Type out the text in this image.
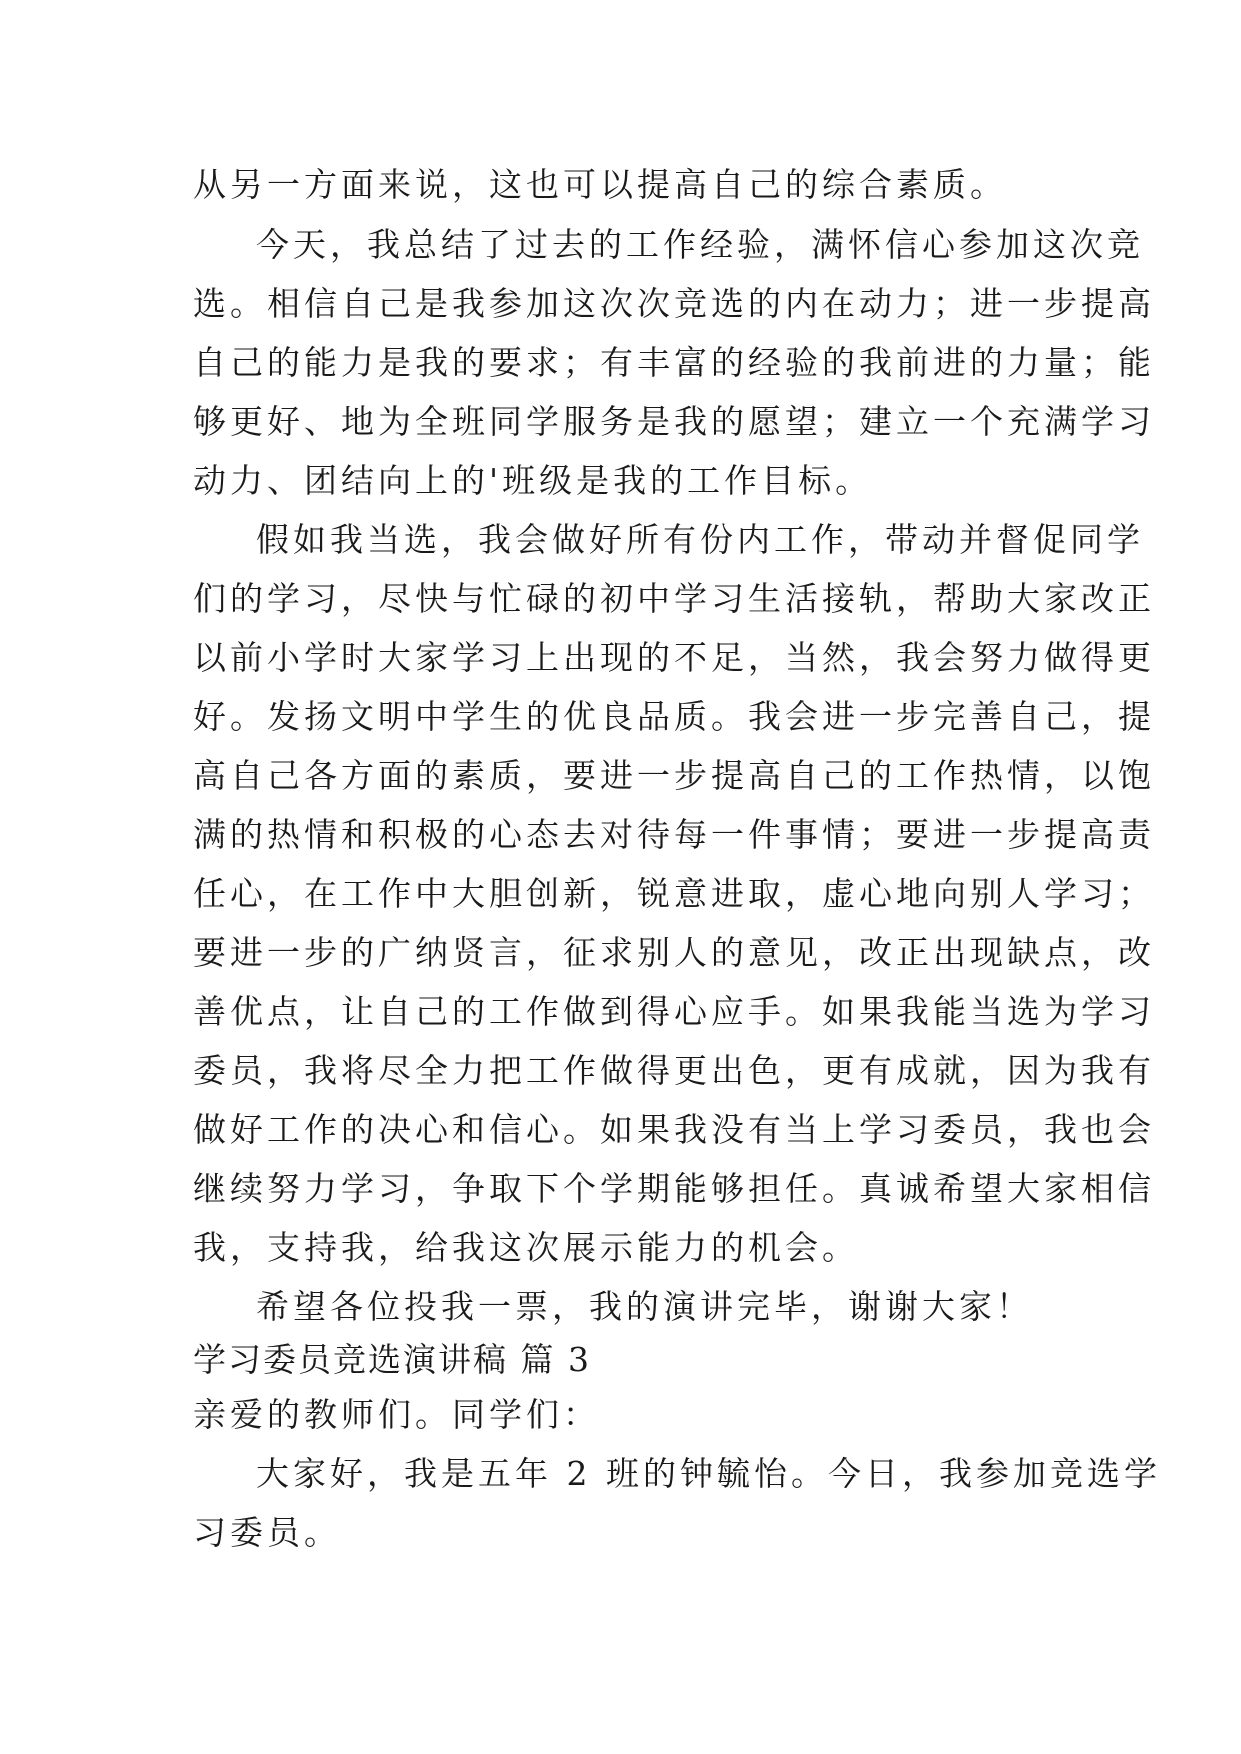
从另一方面来说，这也可以提高自己的综合素质。
今天，我总结了过去的工作经验，满怀信心参加这次竞
选。相信自己是我参加这次次竞选的内在动力；进一步提高
自己的能力是我的要求；有丰富的经验的我前进的力量；能
够更好、地为全班同学服务是我的愿望；建立一个充满学习
动力、团结向上的'班级是我的工作目标。
假如我当选，我会做好所有份内工作，带动并督促同学
们的学习，尽快与忙碌的初中学习生活接轨，帮助大家改正
以前小学时大家学习上出现的不足，当然，我会努力做得更
好。发扬文明中学生的优良品质。我会进一步完善自己，提
高自己各方面的素质，要进一步提高自己的工作热情，以饱
满的热情和积极的心态去对待每一件事情；要进一步提高责
任心，在工作中大胆创新，锐意进取，虚心地向别人学习；
要进一步的广纳贤言，征求别人的意见，改正出现缺点，改
善优点，让自己的工作做到得心应手。如果我能当选为学习
委员，我将尽全力把工作做得更出色，更有成就，因为我有
做好工作的决心和信心。如果我没有当上学习委员，我也会
继续努力学习，争取下个学期能够担任。真诚希望大家相信
我，支持我，给我这次展示能力的机会。
希望各位投我一票，我的演讲完毕，谢谢大家！
学习委员竞选演讲稿 篇 3
亲爱的教师们。同学们：
大家好，我是五年 2 班的钟毓怡。今日，我参加竞选学
习委员。
